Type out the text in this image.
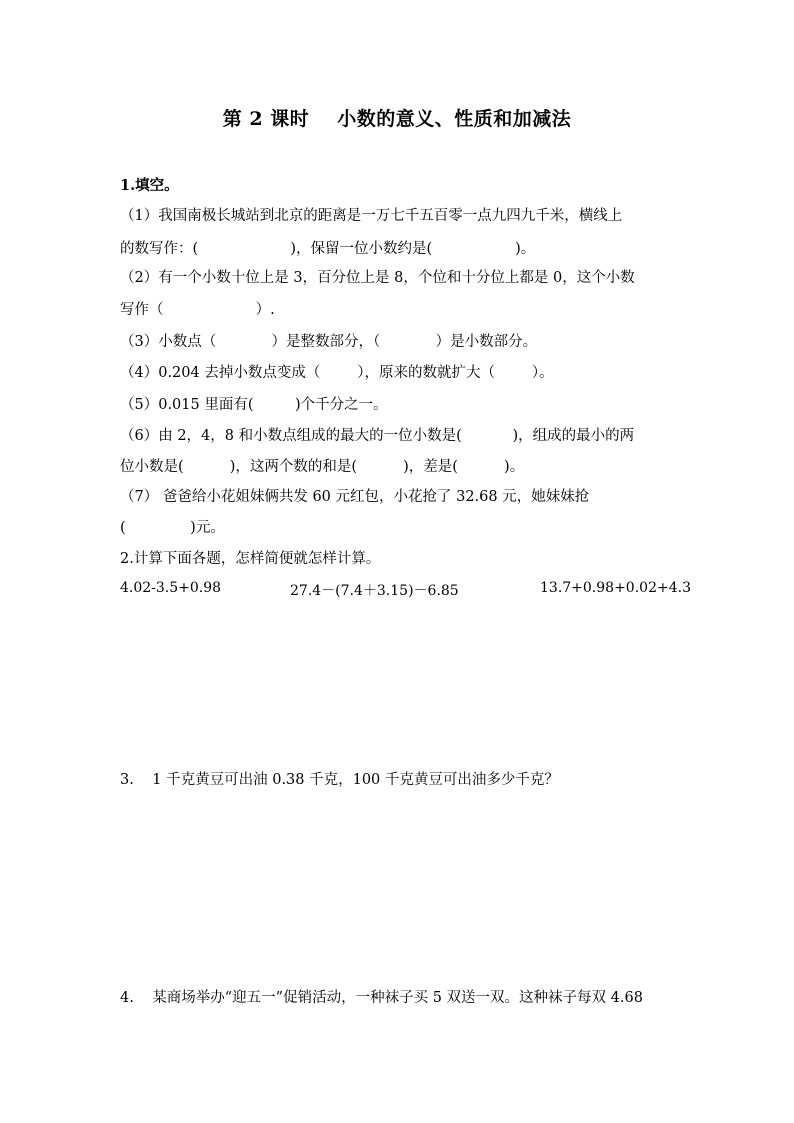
第 2 课时 小数的意义、性质和加减法
1.填空。
（1）我国南极长城站到北京的距离是一万七千五百零一点九四九千米，横线上
的数写作：(                    )，保留一位小数约是(                  )。
（2）有一个小数十位上是 3，百分位上是 8，个位和十分位上都是 0，这个小数
写作（                    ）.
（3）小数点（            ）是整数部分，（            ）是小数部分。
（4）0.204 去掉小数点变成（        ），原来的数就扩大（        ）。
（5）0.015 里面有(         )个千分之一。
（6）由 2，4，8 和小数点组成的最大的一位小数是(           )，组成的最小的两
位小数是(          )，这两个数的和是(          )，差是(          )。
（7） 爸爸给小花姐妹俩共发 60 元红包，小花抢了 32.68 元，她妹妹抢
(              )元。
2.计算下面各题，怎样简便就怎样计算。
4.02-3.5+0.98	27.4－(7.4＋3.15)－6.85	13.7+0.98+0.02+4.3
3.    1 千克黄豆可出油 0.38 千克，100 千克黄豆可出油多少千克？
4.    某商场举办“迎五一”促销活动，一种袜子买 5 双送一双。这种袜子每双 4.68
